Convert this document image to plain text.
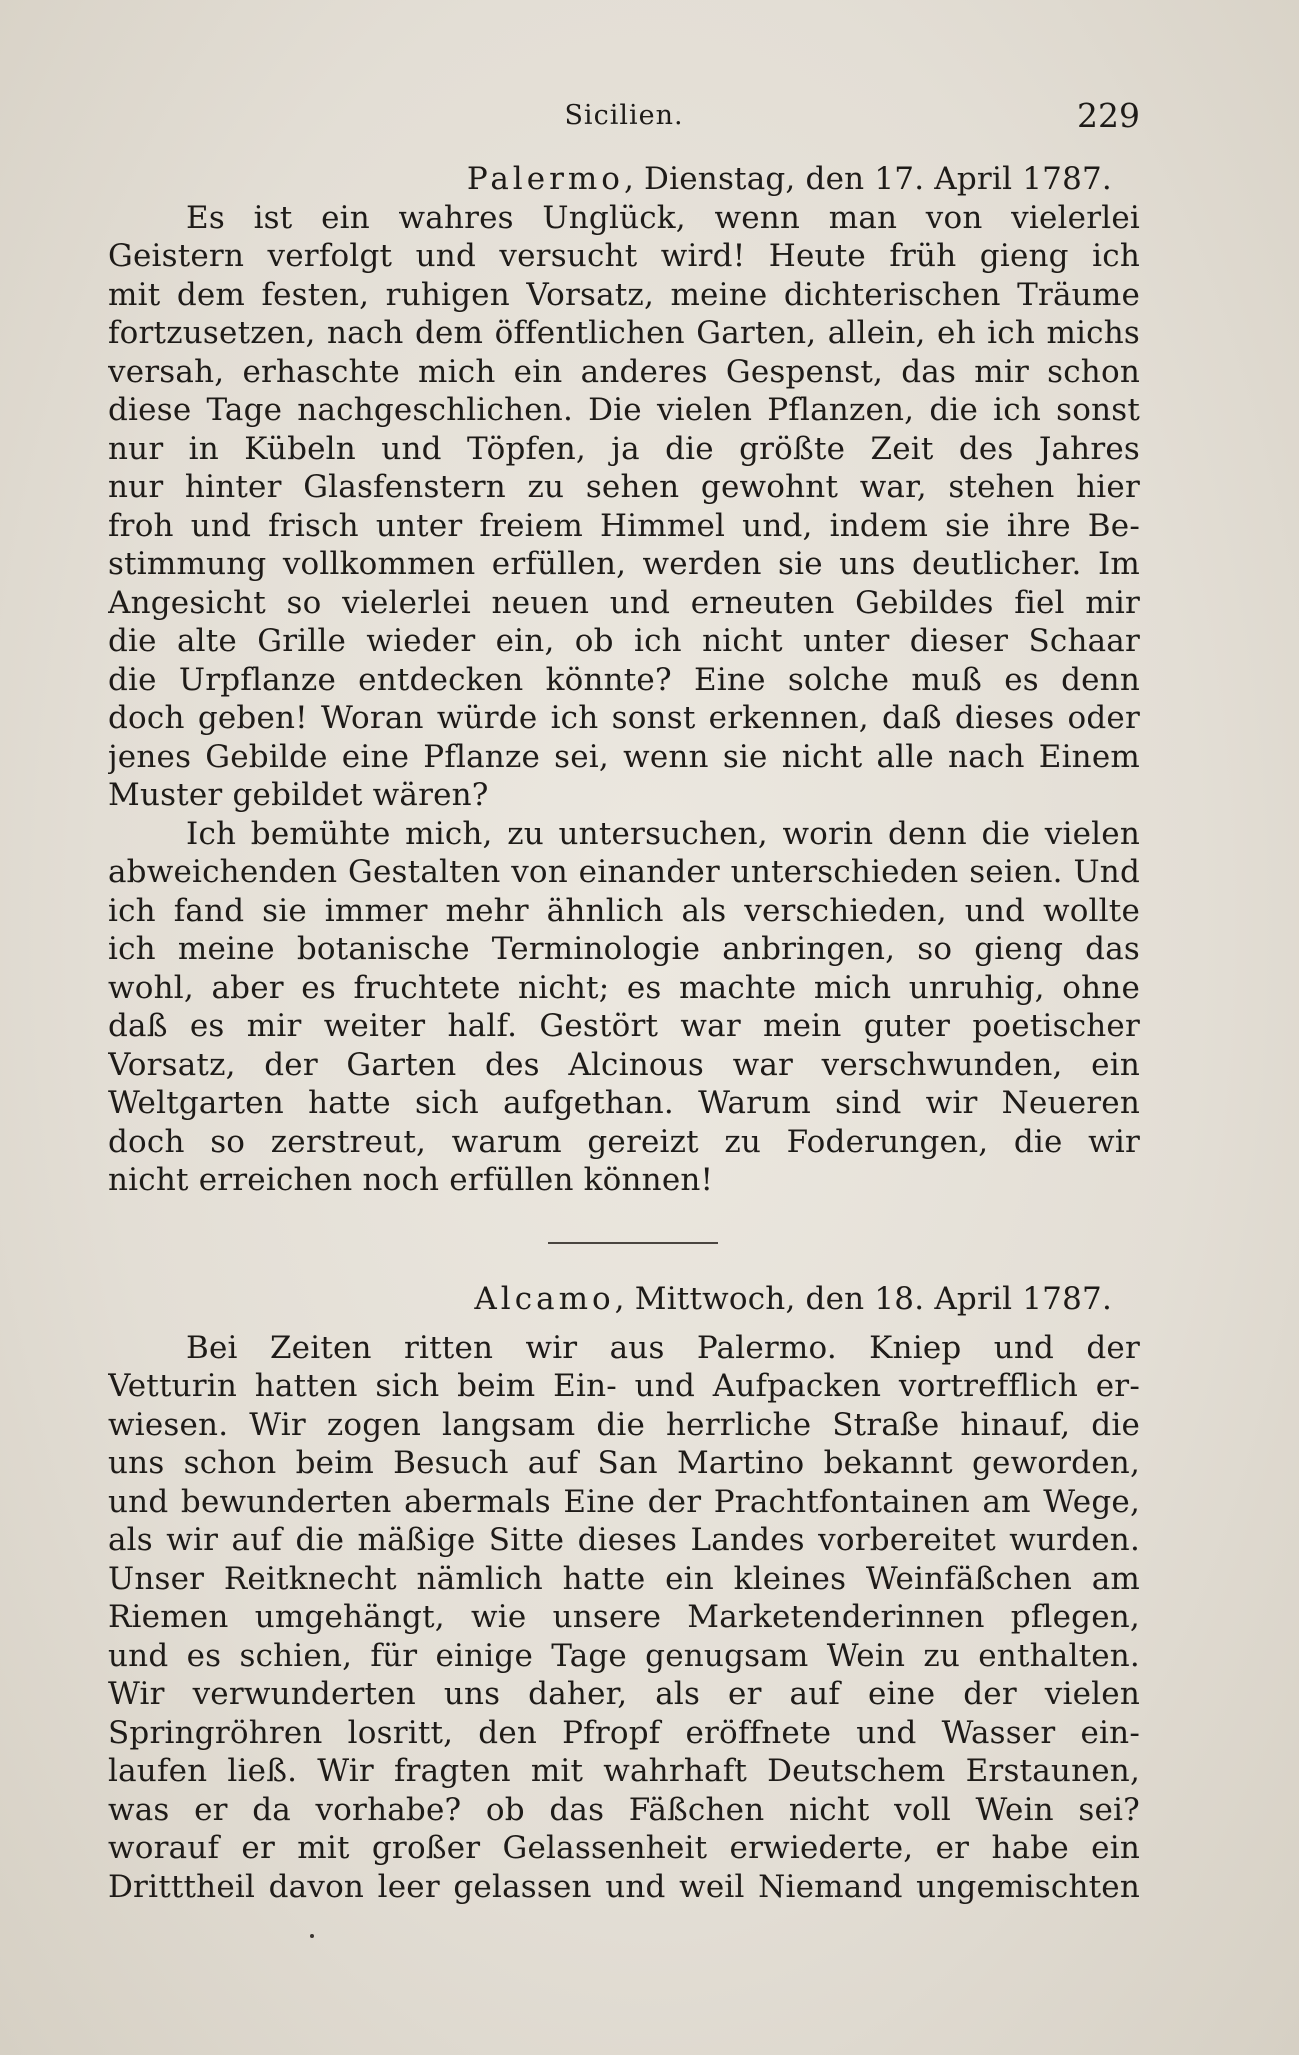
Sicilien.	229
Palermo, Dienstag, den 17. April 1787.
Es ist ein wahres Unglück, wenn man von vielerlei
Geistern verfolgt und versucht wird! Heute früh gieng ich
mit dem festen, ruhigen Vorsatz, meine dichterischen Träume
fortzusetzen, nach dem öffentlichen Garten, allein, eh ich michs
versah, erhaschte mich ein anderes Gespenst, das mir schon
diese Tage nachgeschlichen. Die vielen Pflanzen, die ich sonst
nur in Kübeln und Töpfen, ja die größte Zeit des Jahres
nur hinter Glasfenstern zu sehen gewohnt war, stehen hier
froh und frisch unter freiem Himmel und, indem sie ihre Be-
stimmung vollkommen erfüllen, werden sie uns deutlicher. Im
Angesicht so vielerlei neuen und erneuten Gebildes fiel mir
die alte Grille wieder ein, ob ich nicht unter dieser Schaar
die Urpflanze entdecken könnte? Eine solche muß es denn
doch geben! Woran würde ich sonst erkennen, daß dieses oder
jenes Gebilde eine Pflanze sei, wenn sie nicht alle nach Einem
Muster gebildet wären?
Ich bemühte mich, zu untersuchen, worin denn die vielen
abweichenden Gestalten von einander unterschieden seien. Und
ich fand sie immer mehr ähnlich als verschieden, und wollte
ich meine botanische Terminologie anbringen, so gieng das
wohl, aber es fruchtete nicht; es machte mich unruhig, ohne
daß es mir weiter half. Gestört war mein guter poetischer
Vorsatz, der Garten des Alcinous war verschwunden, ein
Weltgarten hatte sich aufgethan. Warum sind wir Neueren
doch so zerstreut, warum gereizt zu Foderungen, die wir
nicht erreichen noch erfüllen können!
Alcamo, Mittwoch, den 18. April 1787.
Bei Zeiten ritten wir aus Palermo. Kniep und der
Vetturin hatten sich beim Ein- und Aufpacken vortrefflich er-
wiesen. Wir zogen langsam die herrliche Straße hinauf, die
uns schon beim Besuch auf San Martino bekannt geworden,
und bewunderten abermals Eine der Prachtfontainen am Wege,
als wir auf die mäßige Sitte dieses Landes vorbereitet wurden.
Unser Reitknecht nämlich hatte ein kleines Weinfäßchen am
Riemen umgehängt, wie unsere Marketenderinnen pflegen,
und es schien, für einige Tage genugsam Wein zu enthalten.
Wir verwunderten uns daher, als er auf eine der vielen
Springröhren losritt, den Pfropf eröffnete und Wasser ein-
laufen ließ. Wir fragten mit wahrhaft Deutschem Erstaunen,
was er da vorhabe? ob das Fäßchen nicht voll Wein sei?
worauf er mit großer Gelassenheit erwiederte, er habe ein
Dritttheil davon leer gelassen und weil Niemand ungemischten
